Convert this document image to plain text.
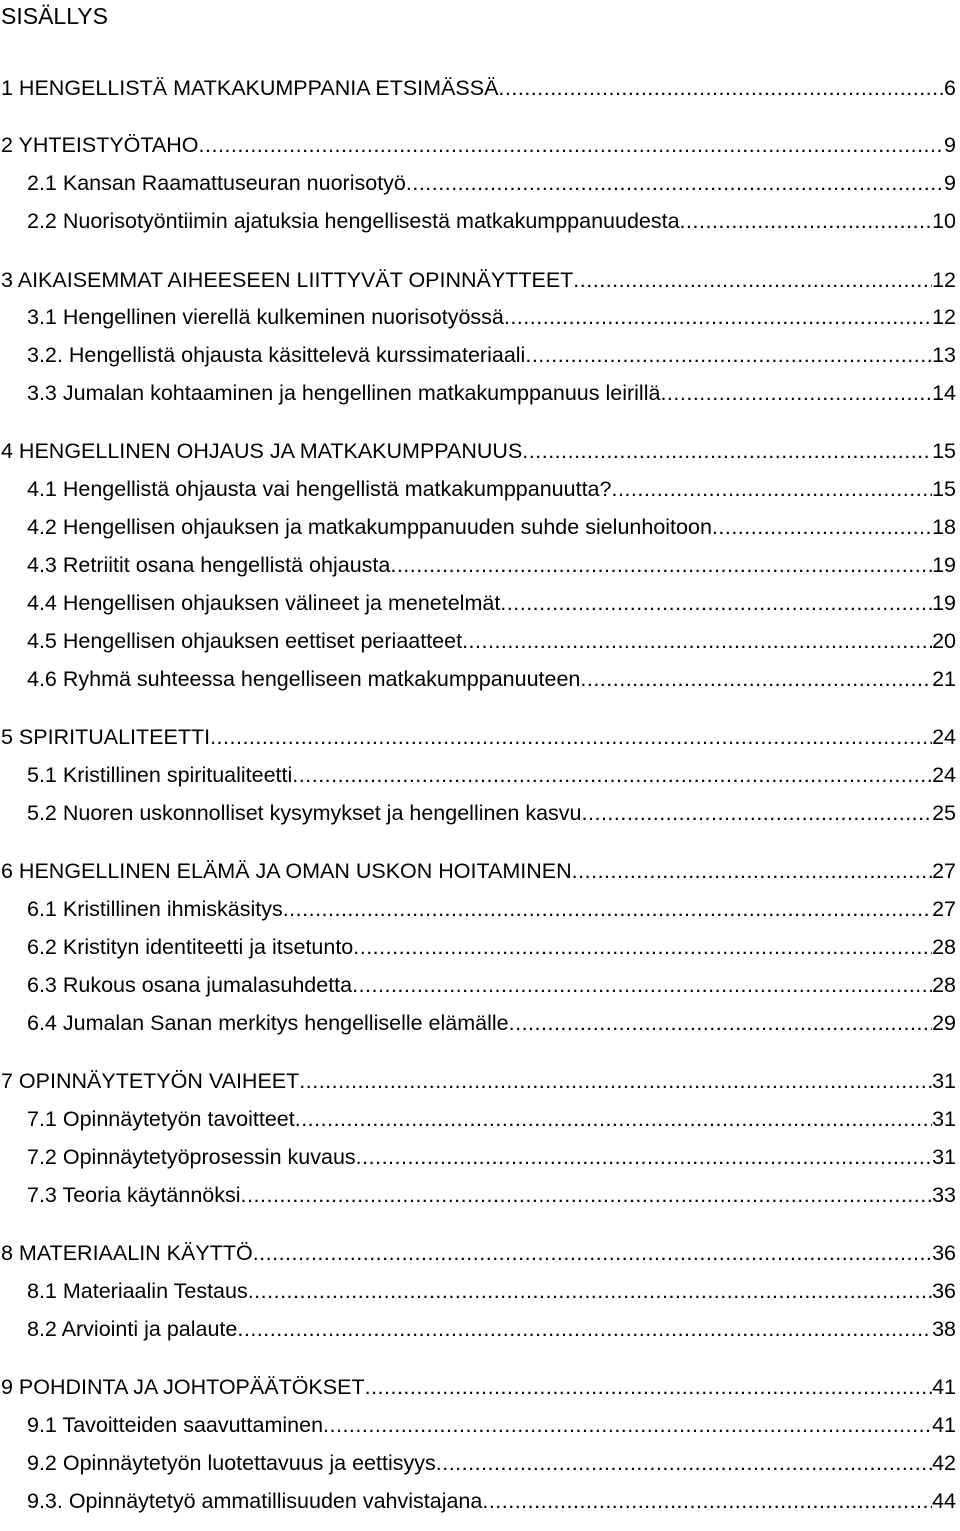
SISÄLLYS
1 HENGELLISTÄ MATKAKUMPPANIA ETSIMÄSSÄ .....	6
2 YHTEISTYÖTAHO .....	9
2.1 Kansan Raamattuseuran nuorisotyö .....	9
2.2 Nuorisotyöntiimin ajatuksia hengellisestä matkakumppanuudesta .....	10
3 AIKAISEMMAT AIHEESEEN LIITTYVÄT OPINNÄYTTEET .....	12
3.1 Hengellinen vierellä kulkeminen nuorisotyössä .....	12
3.2. Hengellistä ohjausta käsittelevä kurssimateriaali .....	13
3.3 Jumalan kohtaaminen ja hengellinen matkakumppanuus leirillä .....	14
4 HENGELLINEN OHJAUS JA MATKAKUMPPANUUS .....	15
4.1 Hengellistä ohjausta vai hengellistä matkakumppanuutta? .....	15
4.2 Hengellisen ohjauksen ja matkakumppanuuden suhde sielunhoitoon .....	18
4.3 Retriitit osana hengellistä ohjausta .....	19
4.4 Hengellisen ohjauksen välineet ja menetelmät .....	19
4.5 Hengellisen ohjauksen eettiset periaatteet .....	20
4.6 Ryhmä suhteessa hengelliseen matkakumppanuuteen .....	21
5 SPIRITUALITEETTI .....	24
5.1 Kristillinen spiritualiteetti .....	24
5.2 Nuoren uskonnolliset kysymykset ja hengellinen kasvu .....	25
6 HENGELLINEN ELÄMÄ JA OMAN USKON HOITAMINEN .....	27
6.1 Kristillinen ihmiskäsitys .....	27
6.2 Kristityn identiteetti ja itsetunto .....	28
6.3 Rukous osana jumalasuhdetta .....	28
6.4 Jumalan Sanan merkitys hengelliselle elämälle .....	29
7 OPINNÄYTETYÖN VAIHEET .....	31
7.1 Opinnäytetyön tavoitteet .....	31
7.2 Opinnäytetyöprosessin kuvaus .....	31
7.3 Teoria käytännöksi .....	33
8 MATERIAALIN KÄYTTÖ .....	36
8.1 Materiaalin Testaus .....	36
8.2 Arviointi ja palaute .....	38
9 POHDINTA JA JOHTOPÄÄTÖKSET .....	41
9.1 Tavoitteiden saavuttaminen .....	41
9.2 Opinnäytetyön luotettavuus ja eettisyys .....	42
9.3. Opinnäytetyö ammatillisuuden vahvistajana .....	44
